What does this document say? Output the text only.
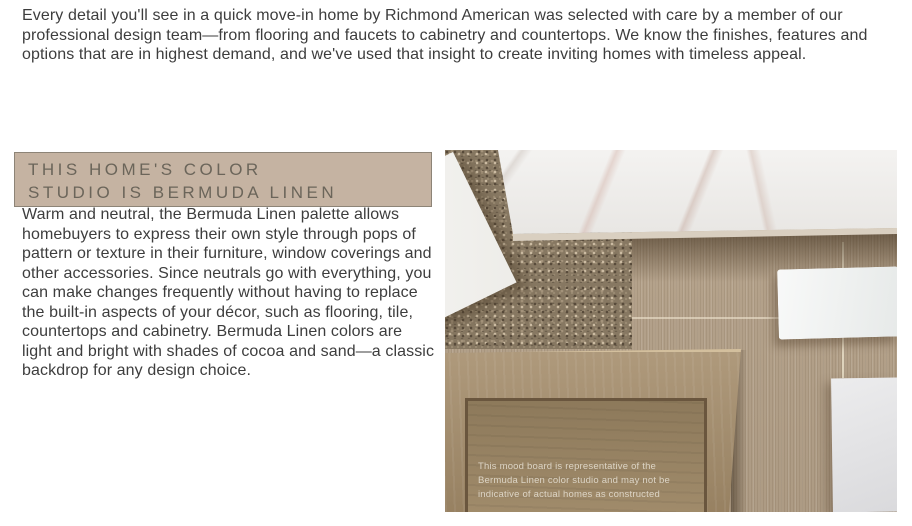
Every detail you'll see in a quick move-in home by Richmond American was selected with care by a member of our professional design team—from flooring and faucets to cabinetry and countertops. We know the finishes, features and options that are in highest demand, and we've used that insight to create inviting homes with timeless appeal.

THIS HOME'S COLOR
STUDIO IS BERMUDA LINEN

Warm and neutral, the Bermuda Linen palette allows homebuyers to express their own style through pops of pattern or texture in their furniture, window coverings and other accessories. Since neutrals go with everything, you can make changes frequently without having to replace the built-in aspects of your décor, such as flooring, tile, countertops and cabinetry. Bermuda Linen colors are light and bright with shades of cocoa and sand—a classic backdrop for any design choice.

This mood board is representative of the Bermuda Linen color studio and may not be indicative of actual homes as constructed
